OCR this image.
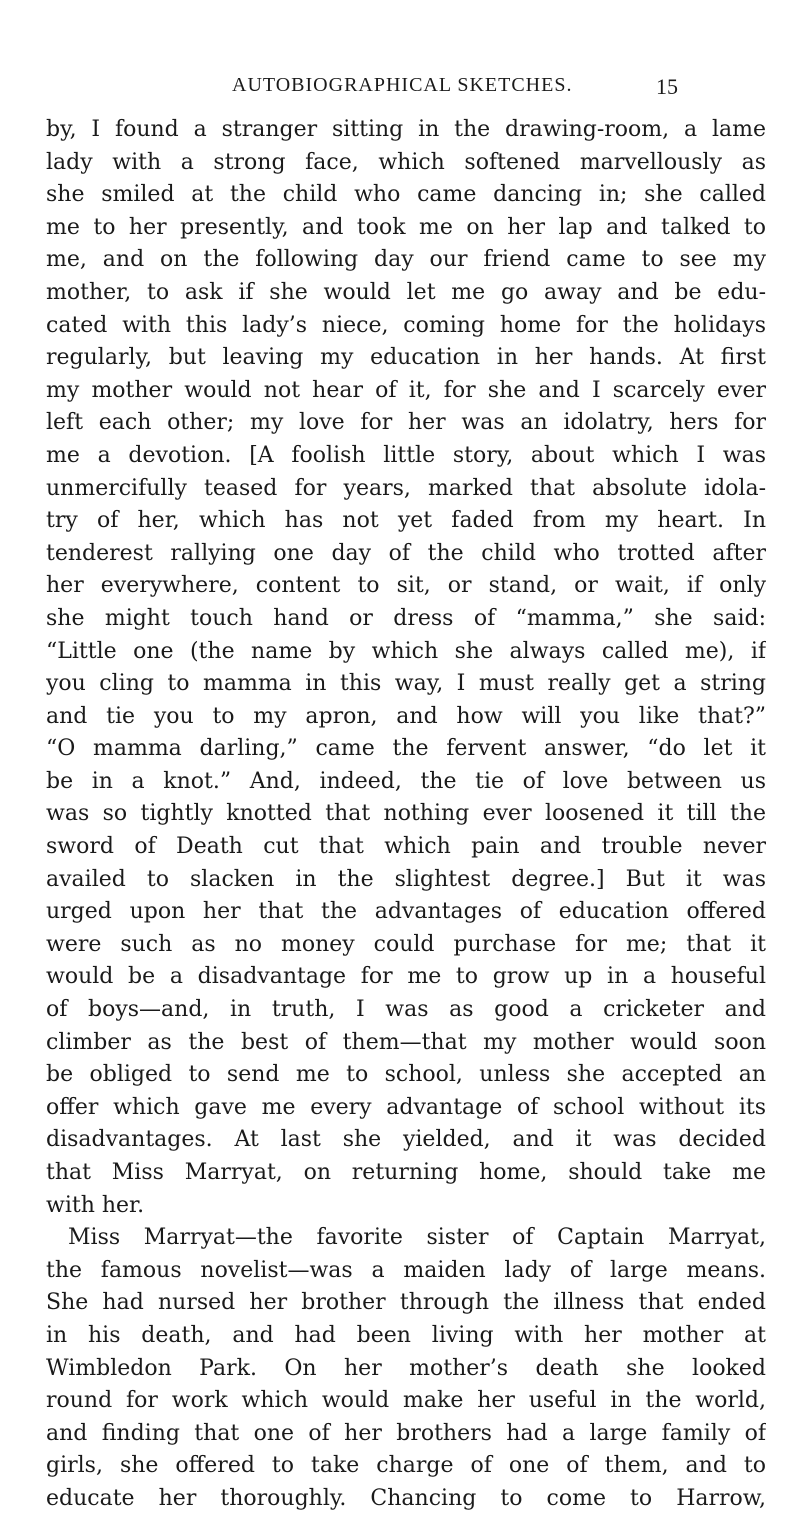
AUTOBIOGRAPHICAL SKETCHES.	15
by, I found a stranger sitting in the drawing-room, a lame
lady with a strong face, which softened marvellously as
she smiled at the child who came dancing in; she called
me to her presently, and took me on her lap and talked to
me, and on the following day our friend came to see my
mother, to ask if she would let me go away and be edu-
cated with this lady’s niece, coming home for the holidays
regularly, but leaving my education in her hands. At first
my mother would not hear of it, for she and I scarcely ever
left each other; my love for her was an idolatry, hers for
me a devotion. [A foolish little story, about which I was
unmercifully teased for years, marked that absolute idola-
try of her, which has not yet faded from my heart. In
tenderest rallying one day of the child who trotted after
her everywhere, content to sit, or stand, or wait, if only
she might touch hand or dress of “mamma,” she said:
“Little one (the name by which she always called me), if
you cling to mamma in this way, I must really get a string
and tie you to my apron, and how will you like that?”
“O mamma darling,” came the fervent answer, “do let it
be in a knot.” And, indeed, the tie of love between us
was so tightly knotted that nothing ever loosened it till the
sword of Death cut that which pain and trouble never
availed to slacken in the slightest degree.] But it was
urged upon her that the advantages of education offered
were such as no money could purchase for me; that it
would be a disadvantage for me to grow up in a houseful
of boys—and, in truth, I was as good a cricketer and
climber as the best of them—that my mother would soon
be obliged to send me to school, unless she accepted an
offer which gave me every advantage of school without its
disadvantages. At last she yielded, and it was decided
that Miss Marryat, on returning home, should take me
with her.
Miss Marryat—the favorite sister of Captain Marryat,
the famous novelist—was a maiden lady of large means.
She had nursed her brother through the illness that ended
in his death, and had been living with her mother at
Wimbledon Park. On her mother’s death she looked
round for work which would make her useful in the world,
and finding that one of her brothers had a large family of
girls, she offered to take charge of one of them, and to
educate her thoroughly. Chancing to come to Harrow,
